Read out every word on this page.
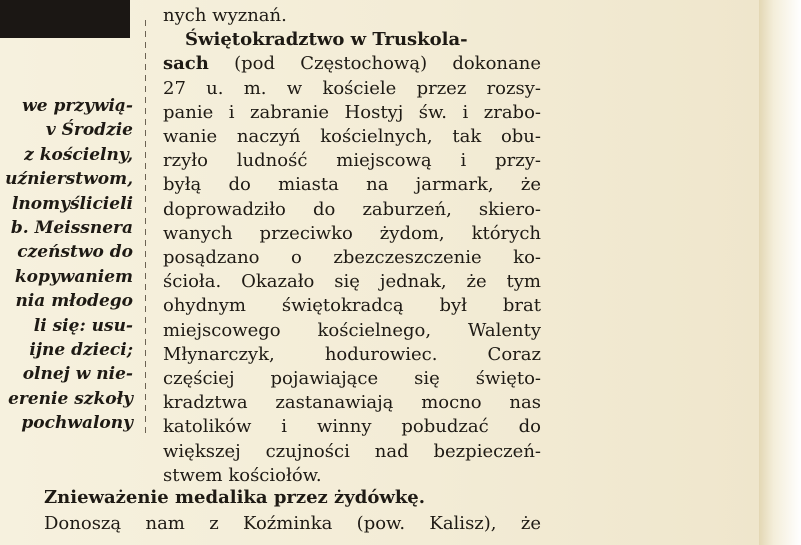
we przywią-
v Środzie
z kościelny,
uźnierstwom,
lnomyślicieli
b. Meissnera
czeństwo do
kopywaniem
nia młodego
li się: usu-
ijne dzieci;
olnej w nie-
erenie szkoły
pochwalony
nych wyznań.
Świętokradztwo w Truskola-
sach (pod Częstochową) dokonane
27 u. m. w kościele przez rozsy-
panie i zabranie Hostyj św. i zrabo-
wanie naczyń kościelnych, tak obu-
rzyło ludność miejscową i przy-
byłą do miasta na jarmark, że
doprowadziło do zaburzeń, skiero-
wanych przeciwko żydom, których
posądzano o zbezczeszczenie ko-
ścioła. Okazało się jednak, że tym
ohydnym świętokradcą był brat
miejscowego kościelnego, Walenty
Młynarczyk, hodurowiec. Coraz
częściej pojawiające się święto-
kradztwa zastanawiają mocno nas
katolików i winny pobudzać do
większej czujności nad bezpieczeń-
stwem kościołów.
Znieważenie medalika przez żydówkę.
Donoszą nam z Koźminka (pow. Kalisz), że
